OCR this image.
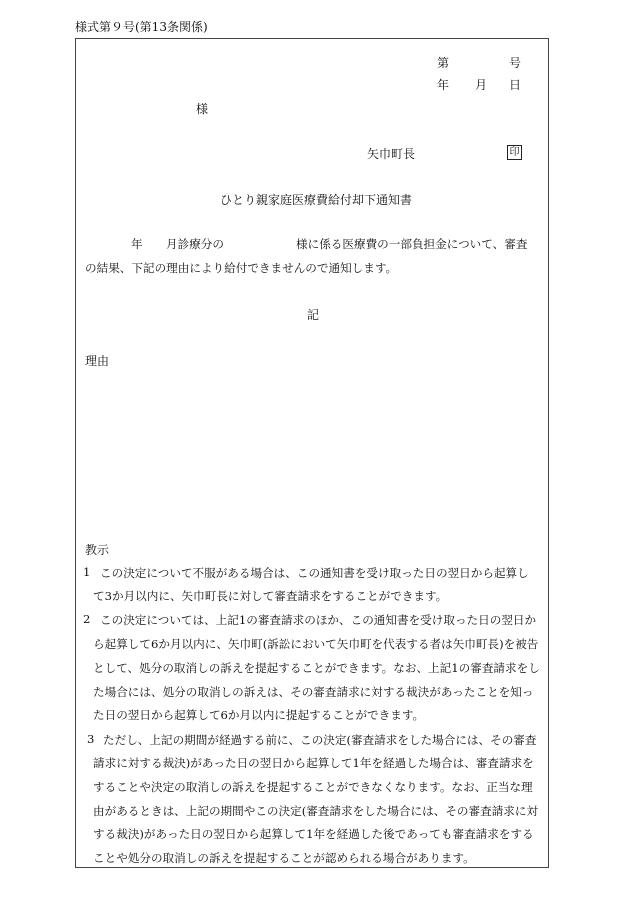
様式第９号(第13条関係)
第	号
年 月 日
様
矢巾町長	印
ひとり親家庭医療費給付却下通知書
年 月診療分の	様に係る医療費の一部負担金について、審査
の結果、下記の理由により給付できませんので通知します。
記
理由
教示
1 この決定について不服がある場合は、この通知書を受け取った日の翌日から起算し
て3か月以内に、矢巾町長に対して審査請求をすることができます。
2 この決定については、上記1の審査請求のほか、この通知書を受け取った日の翌日か
ら起算して6か月以内に、矢巾町(訴訟において矢巾町を代表する者は矢巾町長)を被告
として、処分の取消しの訴えを提起することができます。なお、上記1の審査請求をし
た場合には、処分の取消しの訴えは、その審査請求に対する裁決があったことを知っ
た日の翌日から起算して6か月以内に提起することができます。
3 ただし、上記の期間が経過する前に、この決定(審査請求をした場合には、その審査
請求に対する裁決)があった日の翌日から起算して1年を経過した場合は、審査請求を
することや決定の取消しの訴えを提起することができなくなります。なお、正当な理
由があるときは、上記の期間やこの決定(審査請求をした場合には、その審査請求に対
する裁決)があった日の翌日から起算して1年を経過した後であっても審査請求をする
ことや処分の取消しの訴えを提起することが認められる場合があります。
